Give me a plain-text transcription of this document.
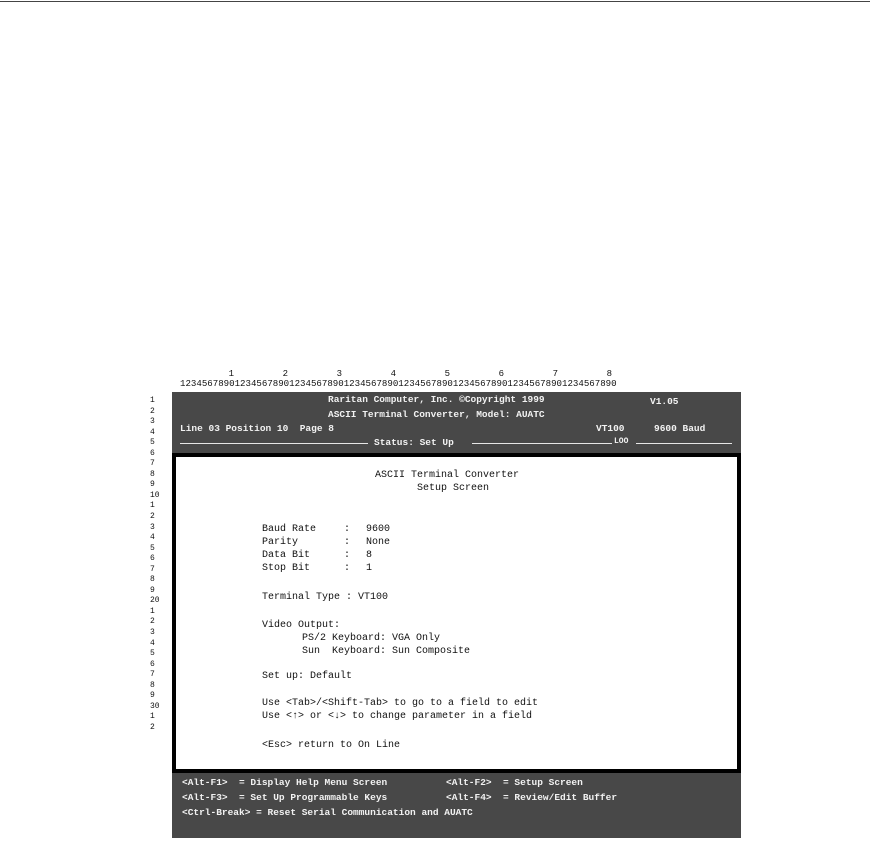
1         2         3         4         5         6         7         8
12345678901234567890123456789012345678901234567890123456789012345678901234567890
1
2
3
4
5
6
7
8
9
10
1
2
3
4
5
6
7
8
9
20
1
2
3
4
5
6
7
8
9
30
1
2
Raritan Computer, Inc. ©Copyright 1999	V1.05
ASCII Terminal Converter, Model: AUATC
Line 03 Position 10  Page 8	VT100	9600 Baud
Status: Set Up	LOO
ASCII Terminal Converter
Setup Screen
Baud Rate	: 9600
Parity	: None
Data Bit	: 8
Stop Bit	: 1
Terminal Type : VT100
Video Output:
PS/2 Keyboard: VGA Only
Sun  Keyboard: Sun Composite
Set up: Default
Use <Tab>/<Shift-Tab> to go to a field to edit
Use <↑> or <↓> to change parameter in a field
<Esc> return to On Line
<Alt-F1>  = Display Help Menu Screen	<Alt-F2>  = Setup Screen
<Alt-F3>  = Set Up Programmable Keys	<Alt-F4>  = Review/Edit Buffer
<Ctrl-Break> = Reset Serial Communication and AUATC
